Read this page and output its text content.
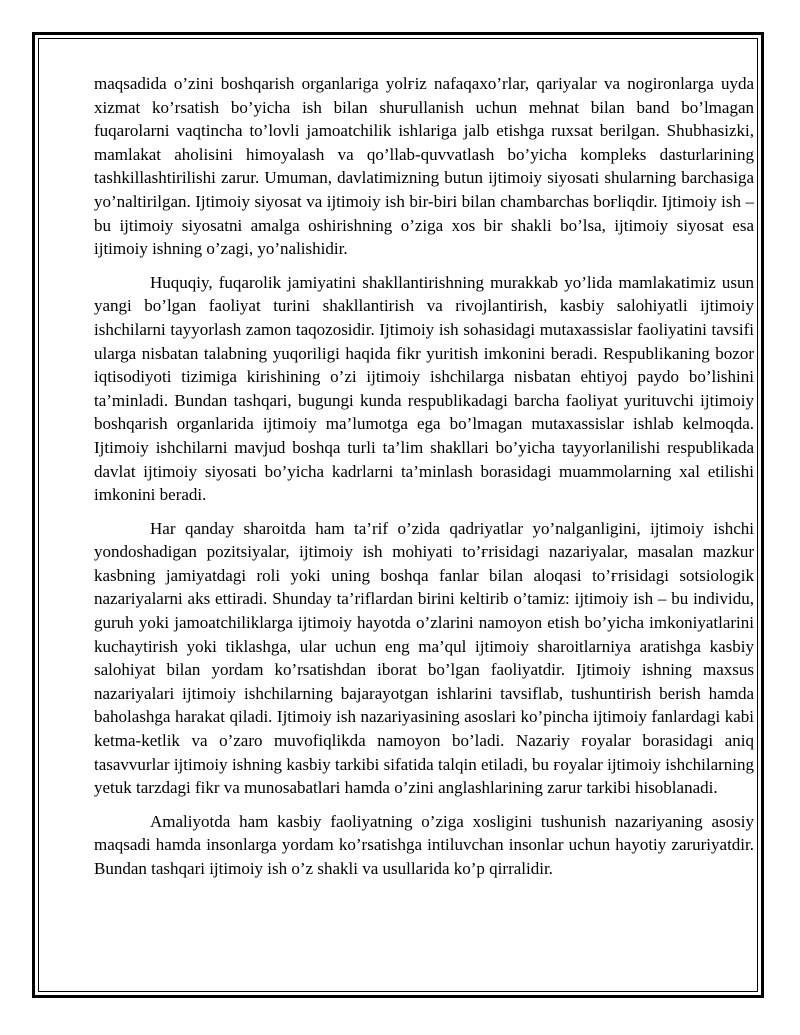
maqsadida o’zini boshqarish organlariga yolғiz nafaqaxo’rlar, qariyalar va nogironlarga uyda xizmat ko’rsatish bo’yicha ish bilan shuғullanish uchun mehnat bilan band bo’lmagan fuqarolarni vaqtincha to’lovli jamoatchilik ishlariga jalb etishga ruxsat berilgan. Shubhasizki, mamlakat aholisini himoyalash va qo’llab-quvvatlash bo’yicha kompleks dasturlarining tashkillashtirilishi zarur. Umuman, davlatimizning butun ijtimoiy siyosati shularning barchasiga yo’naltirilgan. Ijtimoiy siyosat va ijtimoiy ish bir-biri bilan chambarchas boғliqdir. Ijtimoiy ish – bu ijtimoiy siyosatni amalga oshirishning o’ziga xos bir shakli bo’lsa, ijtimoiy siyosat esa ijtimoiy ishning o’zagi, yo’nalishidir.

Huquqiy, fuqarolik jamiyatini shakllantirishning murakkab yo’lida mamlakatimiz usun yangi bo’lgan faoliyat turini shakllantirish va rivojlantirish, kasbiy salohiyatli ijtimoiy ishchilarni tayyorlash zamon taqozosidir. Ijtimoiy ish sohasidagi mutaxassislar faoliyatini tavsifi ularga nisbatan talabning yuqoriligi haqida fikr yuritish imkonini beradi. Respublikaning bozor iqtisodiyoti tizimiga kirishining o’zi ijtimoiy ishchilarga nisbatan ehtiyoj paydo bo’lishini ta’minladi. Bundan tashqari, bugungi kunda respublikadagi barcha faoliyat yurituvchi ijtimoiy boshqarish organlarida ijtimoiy ma’lumotga ega bo’lmagan mutaxassislar ishlab kelmoqda. Ijtimoiy ishchilarni mavjud boshqa turli ta’lim shakllari bo’yicha tayyorlanilishi respublikada davlat ijtimoiy siyosati bo’yicha kadrlarni ta’minlash borasidagi muammolarning xal etilishi imkonini beradi.

Har qanday sharoitda ham ta’rif o’zida qadriyatlar yo’nalganligini, ijtimoiy ishchi yondoshadigan pozitsiyalar, ijtimoiy ish mohiyati to’ғrisidagi nazariyalar, masalan mazkur kasbning jamiyatdagi roli yoki uning boshqa fanlar bilan aloqasi to’ғrisidagi sotsiologik nazariyalarni aks ettiradi. Shunday ta’riflardan birini keltirib o’tamiz: ijtimoiy ish – bu individu, guruh yoki jamoatchiliklarga ijtimoiy hayotda o’zlarini namoyon etish bo’yicha imkoniyatlarini kuchaytirish yoki tiklashga, ular uchun eng ma’qul ijtimoiy sharoitlarniya aratishga kasbiy salohiyat bilan yordam ko’rsatishdan iborat bo’lgan faoliyatdir. Ijtimoiy ishning maxsus nazariyalari ijtimoiy ishchilarning bajarayotgan ishlarini tavsiflab, tushuntirish berish hamda baholashga harakat qiladi. Ijtimoiy ish nazariyasining asoslari ko’pincha ijtimoiy fanlardagi kabi ketma-ketlik va o’zaro muvofiqlikda namoyon bo’ladi. Nazariy ғoyalar borasidagi aniq tasavvurlar ijtimoiy ishning kasbiy tarkibi sifatida talqin etiladi, bu ғoyalar ijtimoiy ishchilarning yetuk tarzdagi fikr va munosabatlari hamda o’zini anglashlarining zarur tarkibi hisoblanadi.

Amaliyotda ham kasbiy faoliyatning o’ziga xosligini tushunish nazariyaning asosiy maqsadi hamda insonlarga yordam ko’rsatishga intiluvchan insonlar uchun hayotiy zaruriyatdir. Bundan tashqari ijtimoiy ish o’z shakli va usullarida ko’p qirralidir.
